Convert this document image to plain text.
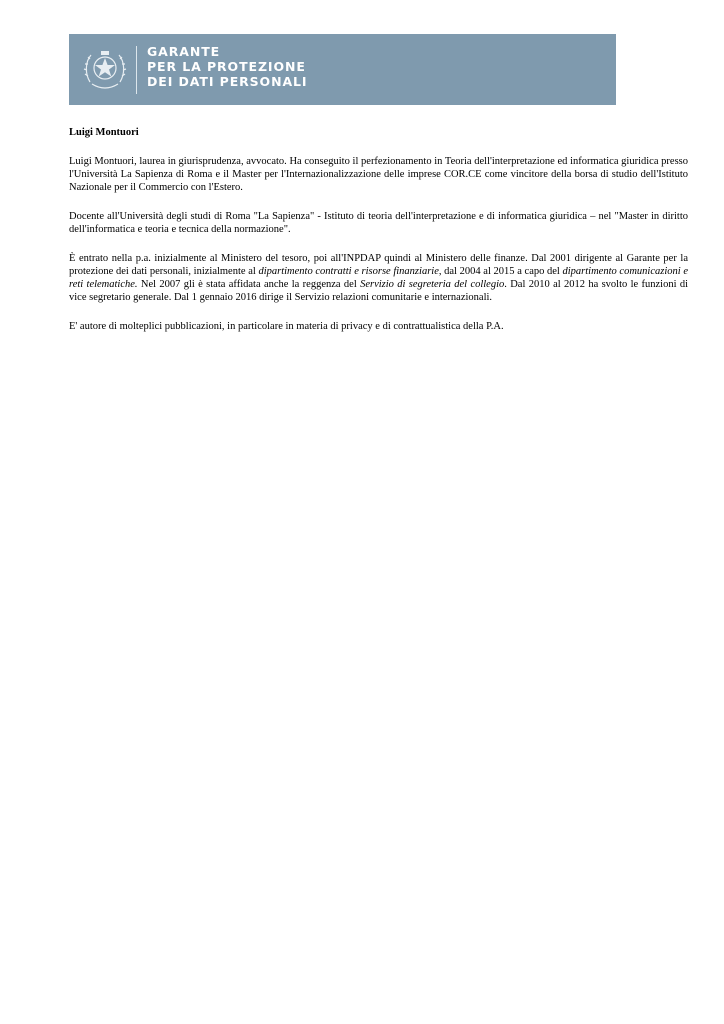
GARANTE
PER LA PROTEZIONE
DEI DATI PERSONALI

Luigi Montuori

Luigi Montuori, laurea in giurisprudenza, avvocato. Ha conseguito il perfezionamento in Teoria dell'interpretazione ed informatica giuridica presso l'Università La Sapienza di Roma e il Master per l'Internazionalizzazione delle imprese COR.CE come vincitore della borsa di studio dell'Istituto Nazionale per il Commercio con l'Estero.

Docente all'Università degli studi di Roma "La Sapienza" - Istituto di teoria dell'interpretazione e di informatica giuridica – nel "Master in diritto dell'informatica e teoria e tecnica della normazione".

È entrato nella p.a. inizialmente al Ministero del tesoro, poi all'INPDAP quindi al Ministero delle finanze. Dal 2001 dirigente al Garante per la protezione dei dati personali, inizialmente al dipartimento contratti e risorse finanziarie, dal 2004 al 2015 a capo del dipartimento comunicazioni e reti telematiche. Nel 2007 gli è stata affidata anche la reggenza del Servizio di segreteria del collegio. Dal 2010 al 2012 ha svolto le funzioni di vice segretario generale. Dal 1 gennaio 2016 dirige il Servizio relazioni comunitarie e internazionali.

E' autore di molteplici pubblicazioni, in particolare in materia di privacy e di contrattualistica della P.A.
